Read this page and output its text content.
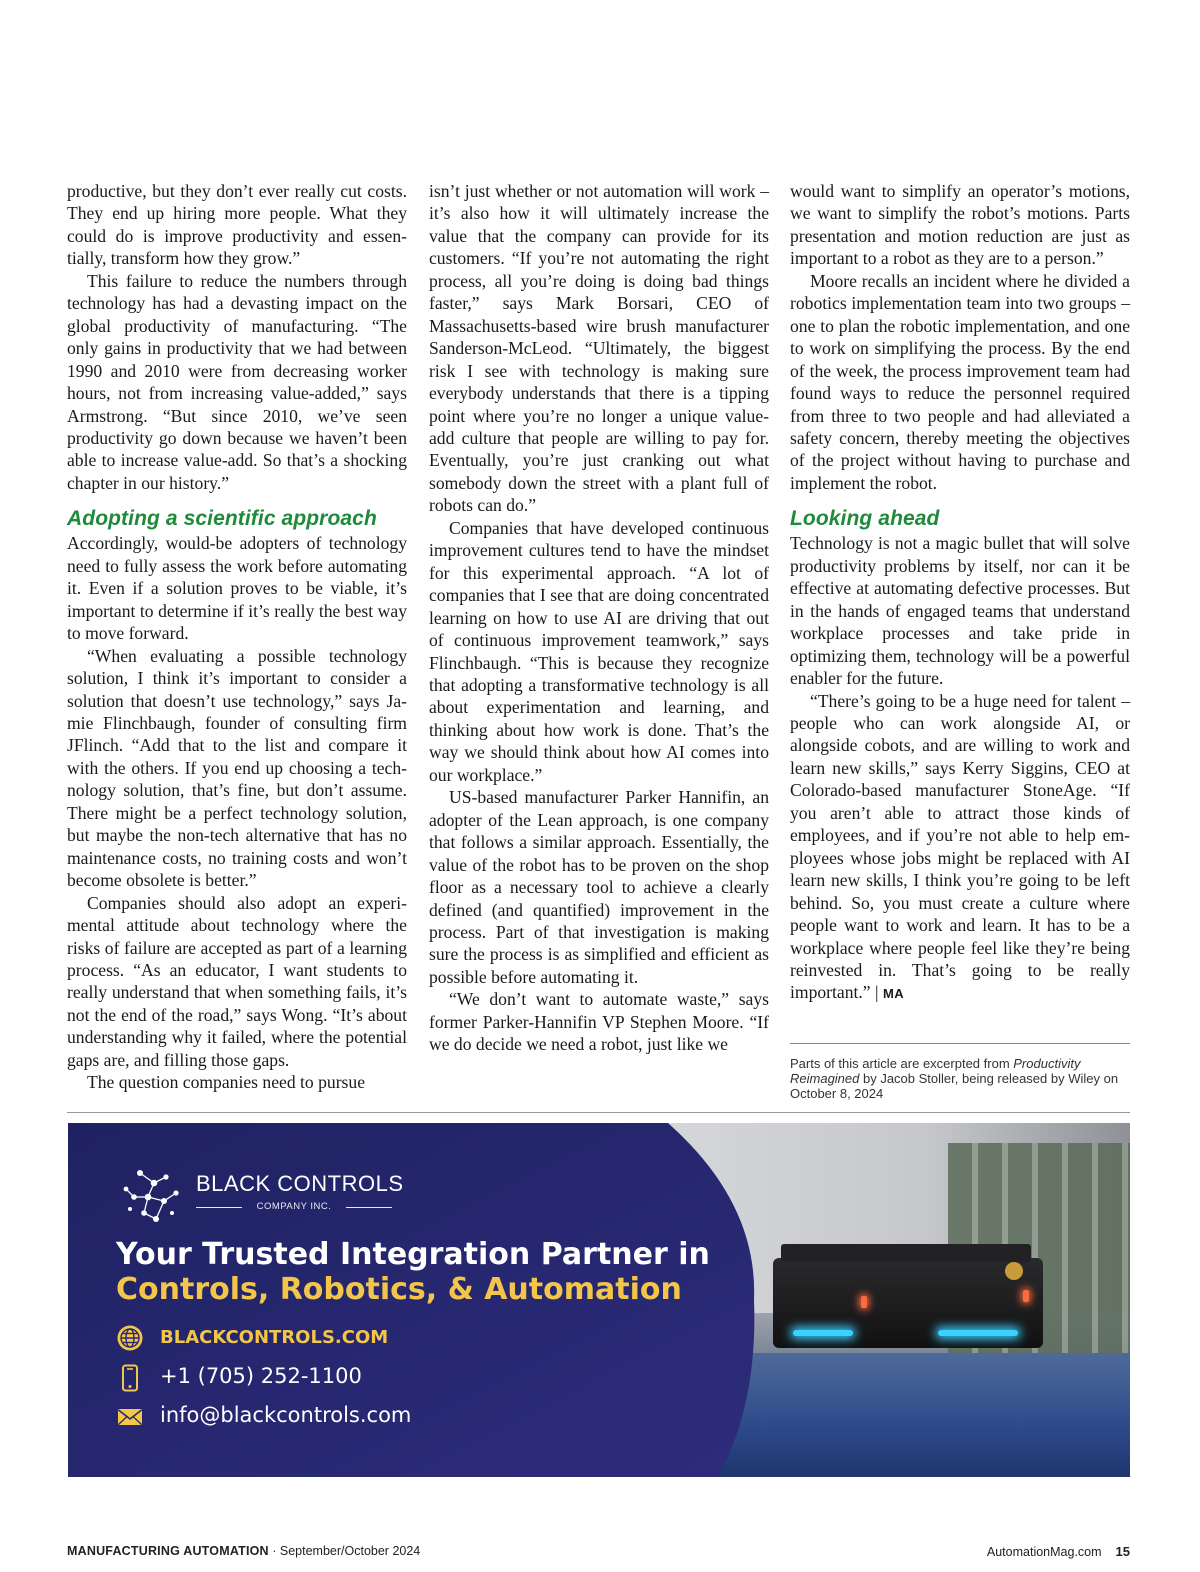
productive, but they don’t ever really cut costs. They end up hiring more people. What they could do is improve productivity and essentially, transform how they grow.”

This failure to reduce the numbers through technology has had a devasting impact on the global productivity of manufacturing. “The only gains in productivity that we had between 1990 and 2010 were from decreasing worker hours, not from increasing value-added,” says Armstrong. “But since 2010, we’ve seen productivity go down because we haven’t been able to increase value-add. So that’s a shocking chapter in our history.”

Adopting a scientific approach

Accordingly, would-be adopters of technology need to fully assess the work before automating it. Even if a solution proves to be viable, it’s important to determine if it’s really the best way to move forward.

“When evaluating a possible technology solution, I think it’s important to consider a solution that doesn’t use technology,” says Jamie Flinchbaugh, founder of consulting firm JFlinch. “Add that to the list and compare it with the others. If you end up choosing a technology solution, that’s fine, but don’t assume. There might be a perfect technology solution, but maybe the non-tech alternative that has no maintenance costs, no training costs and won’t become obsolete is better.”

Companies should also adopt an experimental attitude about technology where the risks of failure are accepted as part of a learning process. “As an educator, I want students to really understand that when something fails, it’s not the end of the road,” says Wong. “It’s about understanding why it failed, where the potential gaps are, and filling those gaps.

The question companies need to pursue

isn’t just whether or not automation will work – it’s also how it will ultimately increase the value that the company can provide for its customers. “If you’re not automating the right process, all you’re doing is doing bad things faster,” says Mark Borsari, CEO of Massachusetts-based wire brush manufacturer Sanderson-McLeod. “Ultimately, the biggest risk I see with technology is making sure everybody understands that there is a tipping point where you’re no longer a unique value-add culture that people are willing to pay for. Eventually, you’re just cranking out what somebody down the street with a plant full of robots can do.”

Companies that have developed continuous improvement cultures tend to have the mindset for this experimental approach. “A lot of companies that I see that are doing concentrated learning on how to use AI are driving that out of continuous improvement teamwork,” says Flinchbaugh. “This is because they recognize that adopting a transformative technology is all about experimentation and learning, and thinking about how work is done. That’s the way we should think about how AI comes into our workplace.”

US-based manufacturer Parker Hannifin, an adopter of the Lean approach, is one company that follows a similar approach. Essentially, the value of the robot has to be proven on the shop floor as a necessary tool to achieve a clearly defined (and quantified) improvement in the process. Part of that investigation is making sure the process is as simplified and efficient as possible before automating it.

“We don’t want to automate waste,” says former Parker-Hannifin VP Stephen Moore. “If we do decide we need a robot, just like we

would want to simplify an operator’s motions, we want to simplify the robot’s motions. Parts presentation and motion reduction are just as important to a robot as they are to a person.”

Moore recalls an incident where he divided a robotics implementation team into two groups – one to plan the robotic implementation, and one to work on simplifying the process. By the end of the week, the process improvement team had found ways to reduce the personnel required from three to two people and had alleviated a safety concern, thereby meeting the objectives of the project without having to purchase and implement the robot.

Looking ahead

Technology is not a magic bullet that will solve productivity problems by itself, nor can it be effective at automating defective processes. But in the hands of engaged teams that understand workplace processes and take pride in optimizing them, technology will be a powerful enabler for the future.

“There’s going to be a huge need for talent – people who can work alongside AI, or alongside cobots, and are willing to work and learn new skills,” says Kerry Siggins, CEO at Colorado-based manufacturer StoneAge. “If you aren’t able to attract those kinds of employees, and if you’re not able to help employees whose jobs might be replaced with AI learn new skills, I think you’re going to be left behind. So, you must create a culture where people want to work and learn. It has to be a workplace where people feel like they’re being reinvested in. That’s going to be really important.” | MA

Parts of this article are excerpted from Productivity Reimagined by Jacob Stoller, being released by Wiley on October 8, 2024
BLACK CONTROLS
COMPANY INC.
Your Trusted Integration Partner in
Controls, Robotics, & Automation
BLACKCONTROLS.COM
+1 (705) 252-1100
info@blackcontrols.com
MANUFACTURING AUTOMATION · September/October 2024	AutomationMag.com 15
